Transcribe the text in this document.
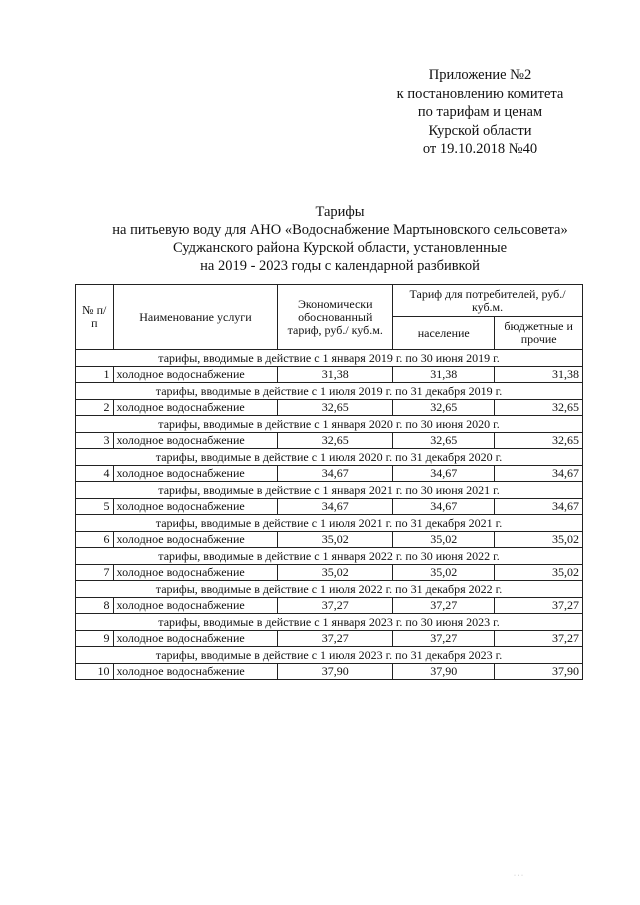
Приложение №2
к постановлению комитета
по тарифам и ценам
Курской области
от 19.10.2018 №40
Тарифы
на питьевую воду для АНО «Водоснабжение Мартыновского сельсовета»
Суджанского района Курской области, установленные
на 2019 - 2023 годы с календарной разбивкой
№ п/п	Наименование услуги	Экономически обоснованный тариф, руб./ куб.м.	Тариф для потребителей, руб./куб.м.	
			население	бюджетные и прочие
тарифы, вводимые в действие с 1 января 2019 г. по 30 июня 2019 г.				
1	холодное водоснабжение	31,38	31,38	31,38
тарифы, вводимые в действие с 1 июля 2019 г. по 31 декабря 2019 г.				
2	холодное водоснабжение	32,65	32,65	32,65
тарифы, вводимые в действие с 1 января 2020 г. по 30 июня 2020 г.				
3	холодное водоснабжение	32,65	32,65	32,65
тарифы, вводимые в действие с 1 июля 2020 г. по 31 декабря 2020 г.				
4	холодное водоснабжение	34,67	34,67	34,67
тарифы, вводимые в действие с 1 января 2021 г. по 30 июня 2021 г.				
5	холодное водоснабжение	34,67	34,67	34,67
тарифы, вводимые в действие с 1 июля 2021 г. по 31 декабря 2021 г.				
6	холодное водоснабжение	35,02	35,02	35,02
тарифы, вводимые в действие с 1 января 2022 г. по 30 июня 2022 г.				
7	холодное водоснабжение	35,02	35,02	35,02
тарифы, вводимые в действие с 1 июля 2022 г. по 31 декабря 2022 г.				
8	холодное водоснабжение	37,27	37,27	37,27
тарифы, вводимые в действие с 1 января 2023 г. по 30 июня 2023 г.				
9	холодное водоснабжение	37,27	37,27	37,27
тарифы, вводимые в действие с 1 июля 2023 г. по 31 декабря 2023 г.				
10	холодное водоснабжение	37,90	37,90	37,90
· · ·
